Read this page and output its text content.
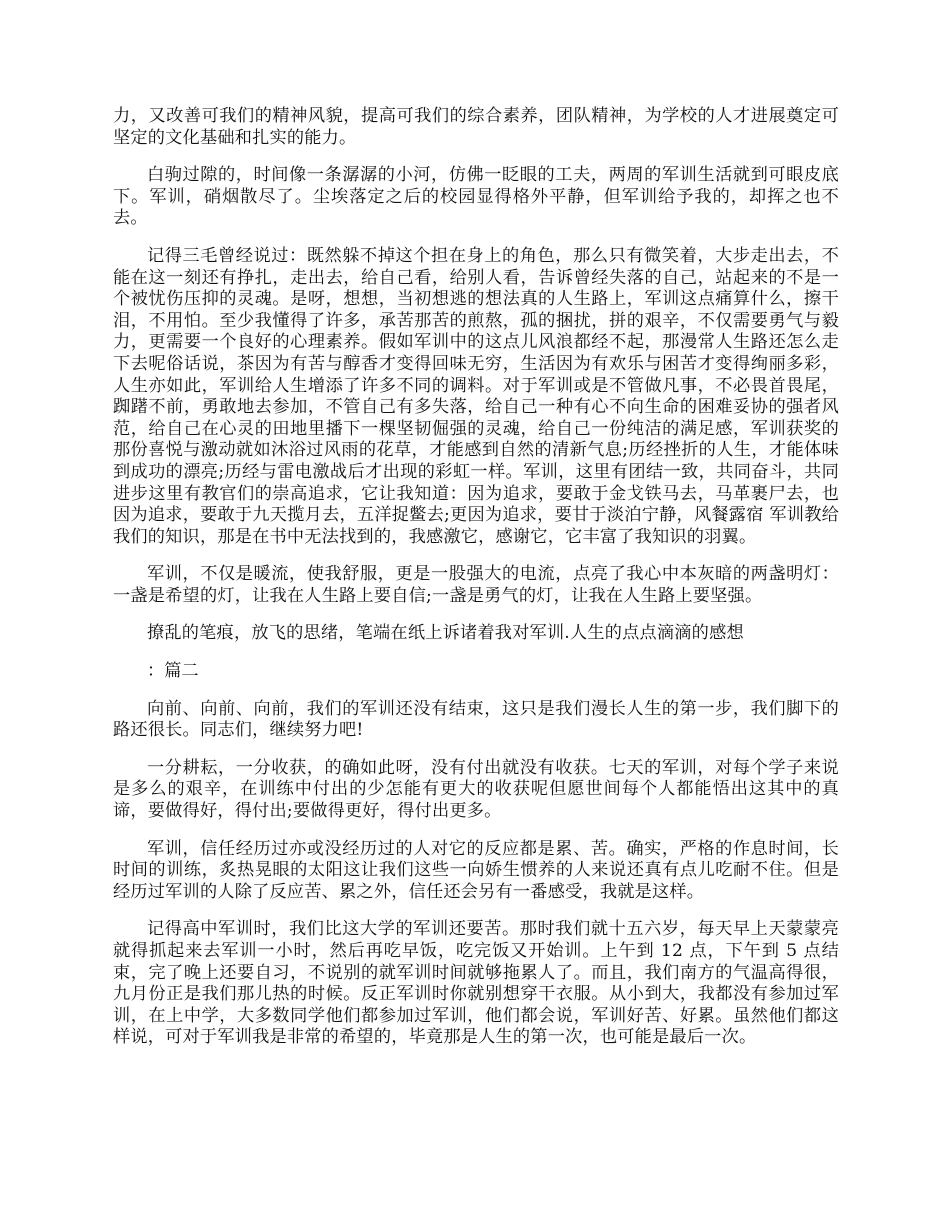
力，又改善可我们的精神风貌，提高可我们的综合素养，团队精神，为学校的人才进展奠定可坚定的文化基础和扎实的能力。

白驹过隙的，时间像一条潺潺的小河，仿佛一眨眼的工夫，两周的军训生活就到可眼皮底下。军训，硝烟散尽了。尘埃落定之后的校园显得格外平静，但军训给予我的，却挥之也不去。

记得三毛曾经说过：既然躲不掉这个担在身上的角色，那么只有微笑着，大步走出去，不能在这一刻还有挣扎，走出去，给自己看，给别人看，告诉曾经失落的自己，站起来的不是一个被忧伤压抑的灵魂。是呀，想想，当初想逃的想法真的人生路上，军训这点痛算什么，擦干泪，不用怕。至少我懂得了许多，承苦那苦的煎熬，孤的捆扰，拼的艰辛，不仅需要勇气与毅力，更需要一个良好的心理素养。假如军训中的这点儿风浪都经不起，那漫常人生路还怎么走下去呢俗话说，茶因为有苦与醇香才变得回味无穷，生活因为有欢乐与困苦才变得绚丽多彩，人生亦如此，军训给人生增添了许多不同的调料。对于军训或是不管做凡事，不必畏首畏尾，踟躇不前，勇敢地去参加，不管自己有多失落，给自己一种有心不向生命的困难妥协的强者风范，给自己在心灵的田地里播下一棵坚韧倔强的灵魂，给自己一份纯洁的满足感，军训获奖的那份喜悦与激动就如沐浴过风雨的花草，才能感到自然的清新气息;历经挫折的人生，才能体味到成功的漂亮;历经与雷电激战后才出现的彩虹一样。军训，这里有团结一致，共同奋斗，共同进步这里有教官们的崇高追求，它让我知道：因为追求，要敢于金戈铁马去，马革裹尸去，也因为追求，要敢于九天揽月去，五洋捉鳖去;更因为追求，要甘于淡泊宁静，风餐露宿 军训教给我们的知识，那是在书中无法找到的，我感激它，感谢它，它丰富了我知识的羽翼。

军训，不仅是暖流，使我舒服，更是一股强大的电流，点亮了我心中本灰暗的两盏明灯：一盏是希望的灯，让我在人生路上要自信;一盏是勇气的灯，让我在人生路上要坚强。

撩乱的笔痕，放飞的思绪，笔端在纸上诉诸着我对军训.人生的点点滴滴的感想

：篇二

向前、向前、向前，我们的军训还没有结束，这只是我们漫长人生的第一步，我们脚下的路还很长。同志们，继续努力吧!

一分耕耘，一分收获，的确如此呀，没有付出就没有收获。七天的军训，对每个学子来说是多么的艰辛，在训练中付出的少怎能有更大的收获呢但愿世间每个人都能悟出这其中的真谛，要做得好，得付出;要做得更好，得付出更多。

军训，信任经历过亦或没经历过的人对它的反应都是累、苦。确实，严格的作息时间，长时间的训练，炙热晃眼的太阳这让我们这些一向娇生惯养的人来说还真有点儿吃耐不住。但是经历过军训的人除了反应苦、累之外，信任还会另有一番感受，我就是这样。

记得高中军训时，我们比这大学的军训还要苦。那时我们就十五六岁，每天早上天蒙蒙亮就得抓起来去军训一小时，然后再吃早饭，吃完饭又开始训。上午到 12 点，下午到 5 点结束，完了晚上还要自习，不说别的就军训时间就够拖累人了。而且，我们南方的气温高得很，九月份正是我们那儿热的时候。反正军训时你就别想穿干衣服。从小到大，我都没有参加过军训，在上中学，大多数同学他们都参加过军训，他们都会说，军训好苦、好累。虽然他们都这样说，可对于军训我是非常的希望的，毕竟那是人生的第一次，也可能是最后一次。
